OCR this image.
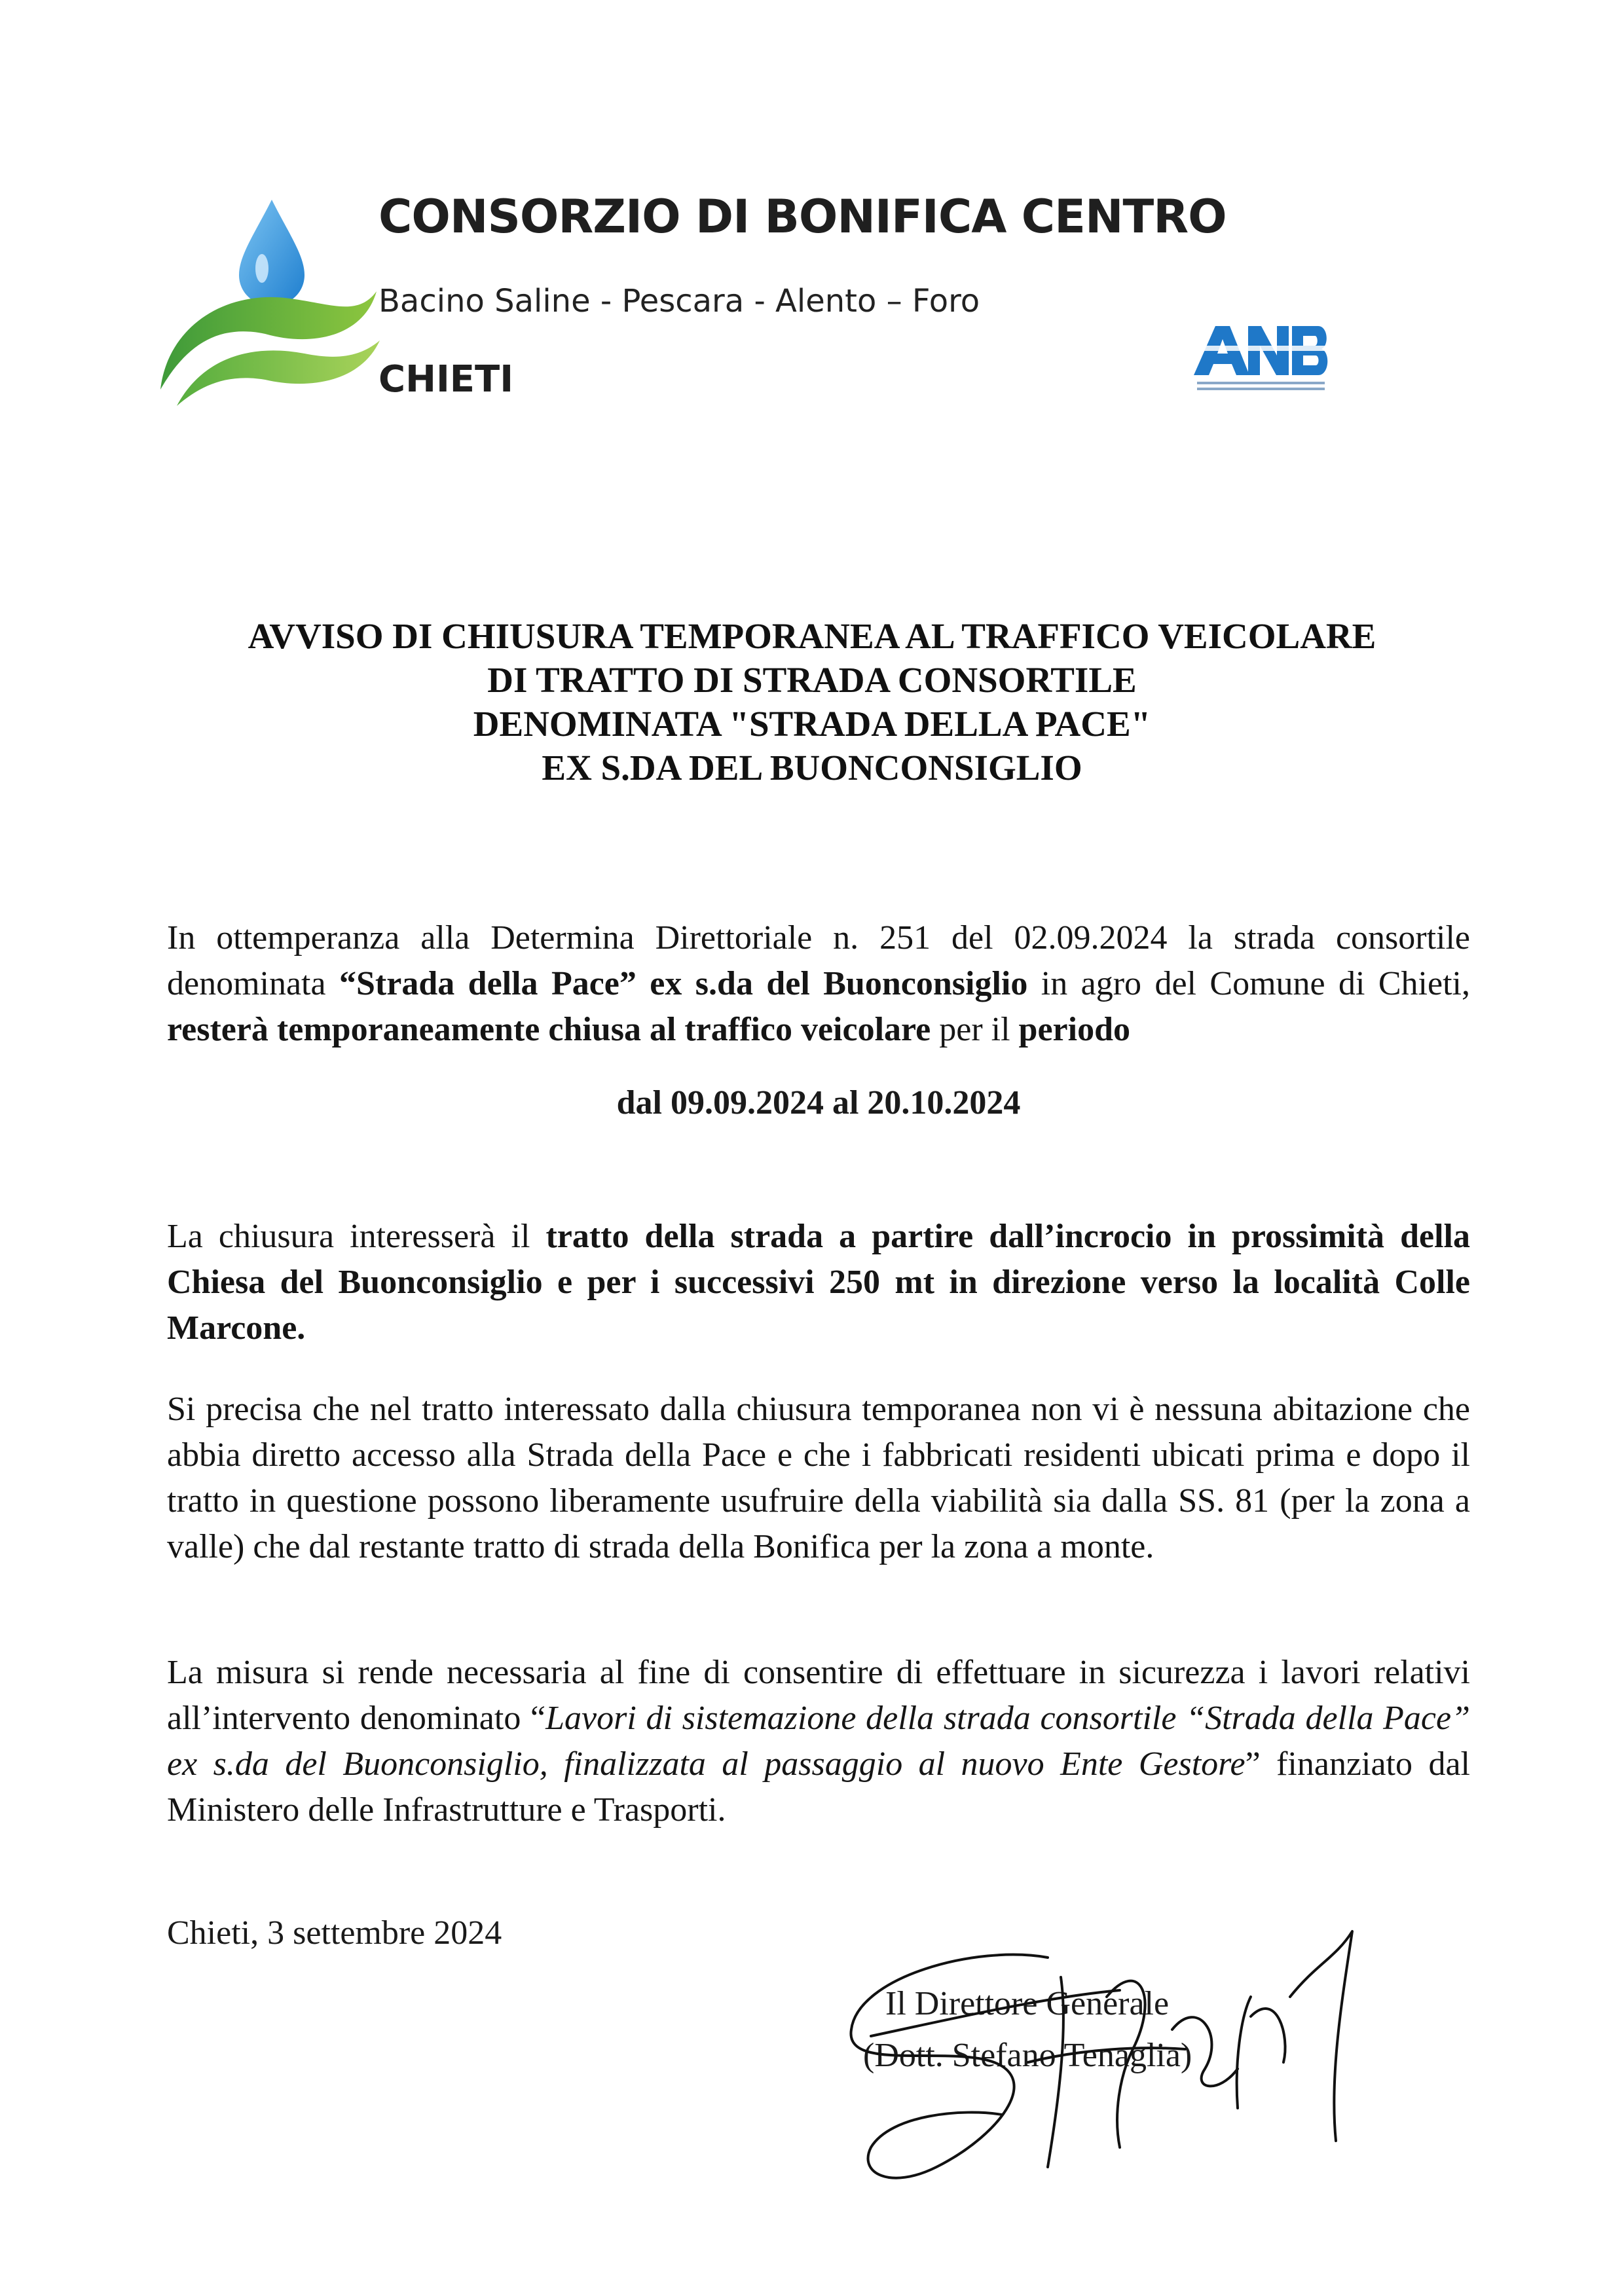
CONSORZIO DI BONIFICA CENTRO
Bacino Saline - Pescara - Alento – Foro
CHIETI
AVVISO DI CHIUSURA TEMPORANEA AL TRAFFICO VEICOLARE
DI TRATTO DI STRADA CONSORTILE
DENOMINATA "STRADA DELLA PACE"
EX S.DA DEL BUONCONSIGLIO
In ottemperanza alla Determina Direttoriale n. 251 del 02.09.2024 la strada consortile denominata “Strada della Pace” ex s.da del Buonconsiglio in agro del Comune di Chieti, resterà temporaneamente chiusa al traffico veicolare per il periodo
dal 09.09.2024 al 20.10.2024
La chiusura interesserà il tratto della strada a partire dall’incrocio in prossimità della Chiesa del Buonconsiglio e per i successivi 250 mt in direzione verso la località Colle Marcone.
Si precisa che nel tratto interessato dalla chiusura temporanea non vi è nessuna abitazione che abbia diretto accesso alla Strada della Pace e che i fabbricati residenti ubicati prima e dopo il tratto in questione possono liberamente usufruire della viabilità sia dalla SS. 81 (per la zona a valle) che dal restante tratto di strada della Bonifica per la zona a monte.
La misura si rende necessaria al fine di consentire di effettuare in sicurezza i lavori relativi all’intervento denominato “Lavori di sistemazione della strada consortile “Strada della Pace” ex s.da del Buonconsiglio, finalizzata al passaggio al nuovo Ente Gestore” finanziato dal Ministero delle Infrastrutture e Trasporti.
Chieti, 3 settembre 2024
Il Direttore Generale
(Dott. Stefano Tenaglia)
